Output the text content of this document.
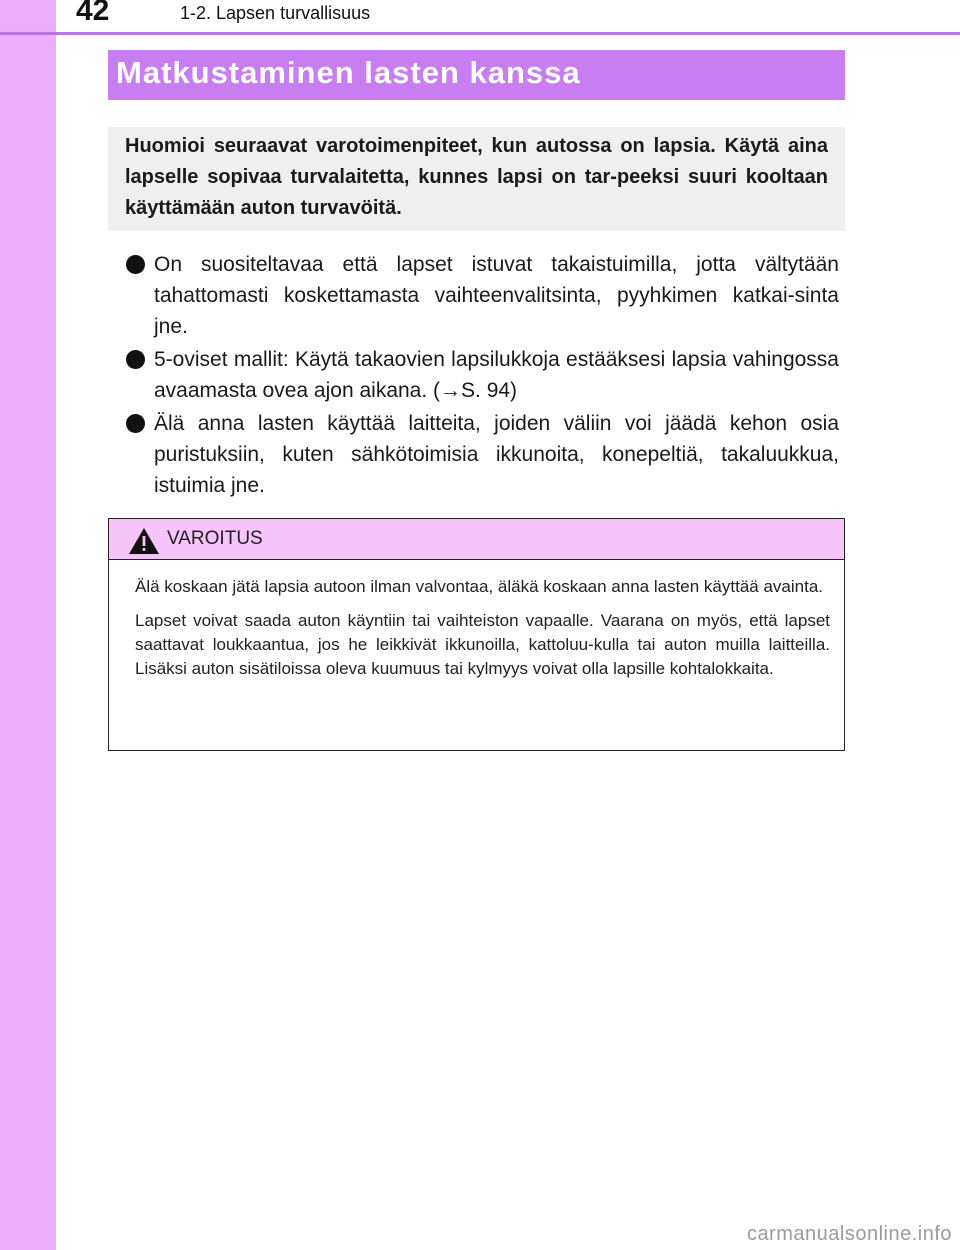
42	1-2. Lapsen turvallisuus
Matkustaminen lasten kanssa

Huomioi seuraavat varotoimenpiteet, kun autossa on lapsia. Käytä aina lapselle sopivaa turvalaitetta, kunnes lapsi on tar-peeksi suuri kooltaan käyttämään auton turvavöitä.

On suositeltavaa että lapset istuvat takaistuimilla, jotta vältytään tahattomasti koskettamasta vaihteenvalitsinta, pyyhkimen katkai-sinta jne.
5-oviset mallit: Käytä takaovien lapsilukkoja estääksesi lapsia vahingossa avaamasta ovea ajon aikana. (→S. 94)
Älä anna lasten käyttää laitteita, joiden väliin voi jäädä kehon osia puristuksiin, kuten sähkötoimisia ikkunoita, konepeltiä, takaluukkua, istuimia jne.
VAROITUS

Älä koskaan jätä lapsia autoon ilman valvontaa, äläkä koskaan anna lasten käyttää avainta.

Lapset voivat saada auton käyntiin tai vaihteiston vapaalle. Vaarana on myös, että lapset saattavat loukkaantua, jos he leikkivät ikkunoilla, kattoluu-kulla tai auton muilla laitteilla. Lisäksi auton sisätiloissa oleva kuumuus tai kylmyys voivat olla lapsille kohtalokkaita.

carmanualsonline.info
